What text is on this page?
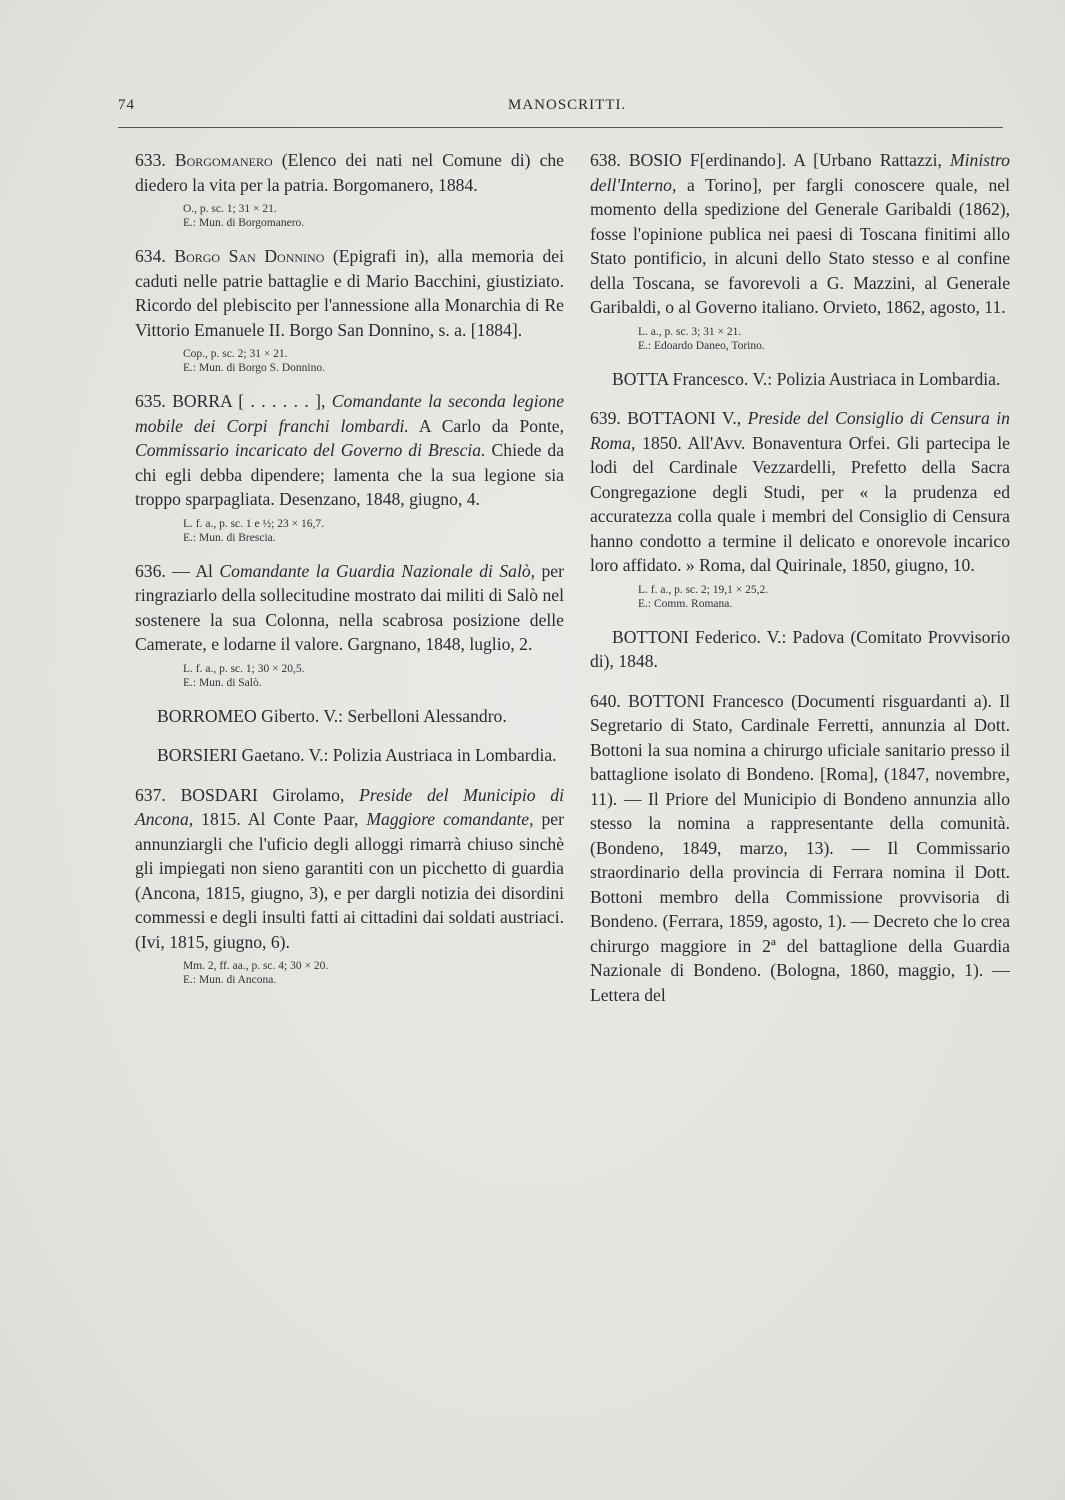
74	MANOSCRITTI.
633. Borgomanero (Elenco dei nati nel Comune di) che diedero la vita per la patria. Borgomanero, 1884.
O., p. sc. 1; 31 × 21.
E.: Mun. di Borgomanero.
634. Borgo San Donnino (Epigrafi in), alla memoria dei caduti nelle patrie battaglie e di Mario Bacchini, giustiziato. Ricordo del plebiscito per l'annessione alla Monarchia di Re Vittorio Emanuele II. Borgo San Donnino, s. a. [1884].
Cop., p. sc. 2; 31 × 21.
E.: Mun. di Borgo S. Donnino.
635. BORRA [ . . . . . . ], Comandante la seconda legione mobile dei Corpi franchi lombardi. A Carlo da Ponte, Commissario incaricato del Governo di Brescia. Chiede da chi egli debba dipendere; lamenta che la sua legione sia troppo sparpagliata. Desenzano, 1848, giugno, 4.
L. f. a., p. sc. 1 e ½; 23 × 16,7.
E.: Mun. di Brescia.
636. — Al Comandante la Guardia Nazionale di Salò, per ringraziarlo della sollecitudine mostrato dai militi di Salò nel sostenere la sua Colonna, nella scabrosa posizione delle Camerate, e lodarne il valore. Gargnano, 1848, luglio, 2.
L. f. a., p. sc. 1; 30 × 20,5.
E.: Mun. di Salò.
BORROMEO Giberto. V.: Serbelloni Alessandro.
BORSIERI Gaetano. V.: Polizia Austriaca in Lombardia.
637. BOSDARI Girolamo, Preside del Municipio di Ancona, 1815. Al Conte Paar, Maggiore comandante, per annunziargli che l'uficio degli alloggi rimarrà chiuso sinchè gli impiegati non sieno garantiti con un picchetto di guardia (Ancona, 1815, giugno, 3), e per dargli notizia dei disordini commessi e degli insulti fatti ai cittadini dai soldati austriaci. (Ivi, 1815, giugno, 6).
Mm. 2, ff. aa., p. sc. 4; 30 × 20.
E.: Mun. di Ancona.
638. BOSIO F[erdinando]. A [Urbano Rattazzi, Ministro dell'Interno, a Torino], per fargli conoscere quale, nel momento della spedizione del Generale Garibaldi (1862), fosse l'opinione publica nei paesi di Toscana finitimi allo Stato pontificio, in alcuni dello Stato stesso e al confine della Toscana, se favorevoli a G. Mazzini, al Generale Garibaldi, o al Governo italiano. Orvieto, 1862, agosto, 11.
L. a., p. sc. 3; 31 × 21.
E.: Edoardo Daneo, Torino.
BOTTA Francesco. V.: Polizia Austriaca in Lombardia.
639. BOTTAONI V., Preside del Consiglio di Censura in Roma, 1850. All'Avv. Bonaventura Orfei. Gli partecipa le lodi del Cardinale Vezzardelli, Prefetto della Sacra Congregazione degli Studi, per « la prudenza ed accuratezza colla quale i membri del Consiglio di Censura hanno condotto a termine il delicato e onorevole incarico loro affidato. » Roma, dal Quirinale, 1850, giugno, 10.
L. f. a., p. sc. 2; 19,1 × 25,2.
E.: Comm. Romana.
BOTTONI Federico. V.: Padova (Comitato Provvisorio di), 1848.
640. BOTTONI Francesco (Documenti risguardanti a). Il Segretario di Stato, Cardinale Ferretti, annunzia al Dott. Bottoni la sua nomina a chirurgo uficiale sanitario presso il battaglione isolato di Bondeno. [Roma], (1847, novembre, 11). — Il Priore del Municipio di Bondeno annunzia allo stesso la nomina a rappresentante della comunità. (Bondeno, 1849, marzo, 13). — Il Commissario straordinario della provincia di Ferrara nomina il Dott. Bottoni membro della Commissione provvisoria di Bondeno. (Ferrara, 1859, agosto, 1). — Decreto che lo crea chirurgo maggiore in 2ª del battaglione della Guardia Nazionale di Bondeno. (Bologna, 1860, maggio, 1). — Lettera del
